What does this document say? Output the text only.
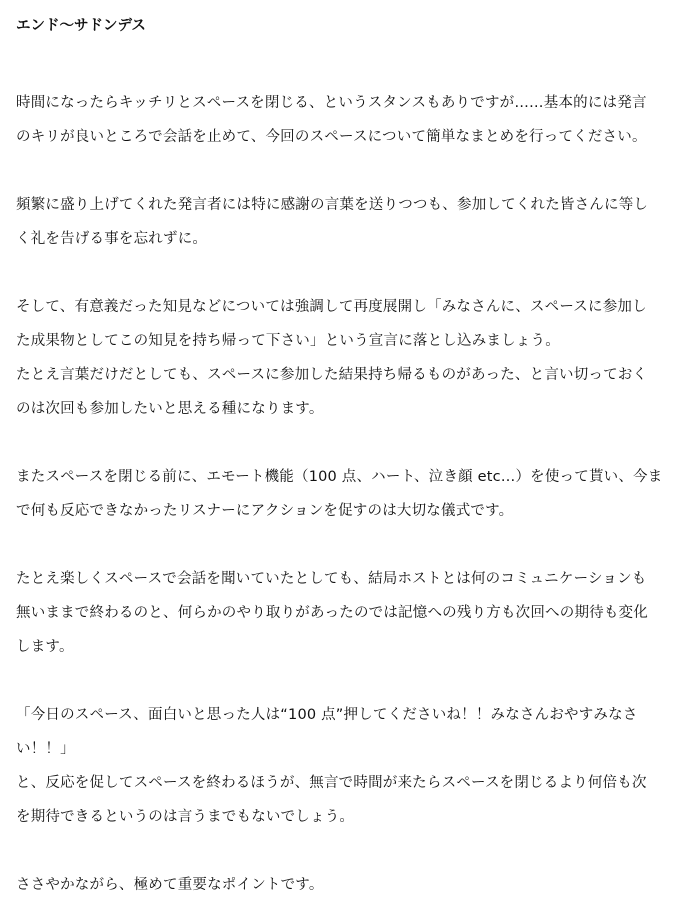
エンド～サドンデス
時間になったらキッチリとスペースを閉じる、というスタンスもありですが……基本的には発言
のキリが良いところで会話を止めて、今回のスペースについて簡単なまとめを行ってください。
頻繁に盛り上げてくれた発言者には特に感謝の言葉を送りつつも、参加してくれた皆さんに等し
く礼を告げる事を忘れずに。
そして、有意義だった知見などについては強調して再度展開し「みなさんに、スペースに参加し
た成果物としてこの知見を持ち帰って下さい」という宣言に落とし込みましょう。
たとえ言葉だけだとしても、スペースに参加した結果持ち帰るものがあった、と言い切っておく
のは次回も参加したいと思える種になります。
またスペースを閉じる前に、エモート機能（100 点、ハート、泣き顔 etc…）を使って貰い、今ま
で何も反応できなかったリスナーにアクションを促すのは大切な儀式です。
たとえ楽しくスペースで会話を聞いていたとしても、結局ホストとは何のコミュニケーションも
無いままで終わるのと、何らかのやり取りがあったのでは記憶への残り方も次回への期待も変化
します。
「今日のスペース、面白いと思った人は“100 点”押してくださいね！！みなさんおやすみなさ
い！！」
と、反応を促してスペースを終わるほうが、無言で時間が来たらスペースを閉じるより何倍も次
を期待できるというのは言うまでもないでしょう。
ささやかながら、極めて重要なポイントです。
